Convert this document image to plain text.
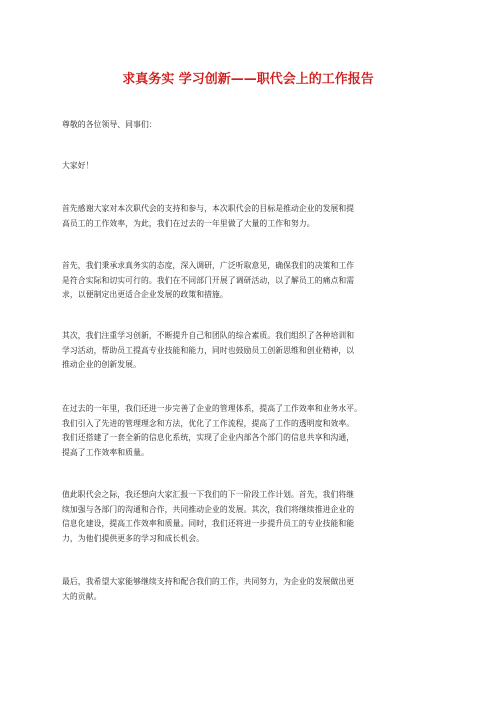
求真务实 学习创新——职代会上的工作报告

尊敬的各位领导、同事们：

大家好！

首先感谢大家对本次职代会的支持和参与，本次职代会的目标是推动企业的发展和提
高员工的工作效率，为此，我们在过去的一年里做了大量的工作和努力。

首先，我们秉承求真务实的态度，深入调研，广泛听取意见，确保我们的决策和工作
是符合实际和切实可行的。我们在不同部门开展了调研活动，以了解员工的痛点和需
求，以便制定出更适合企业发展的政策和措施。

其次，我们注重学习创新，不断提升自己和团队的综合素质。我们组织了各种培训和
学习活动，帮助员工提高专业技能和能力，同时也鼓励员工创新思维和创业精神，以
推动企业的创新发展。

在过去的一年里，我们还进一步完善了企业的管理体系，提高了工作效率和业务水平。
我们引入了先进的管理理念和方法，优化了工作流程，提高了工作的透明度和效率。
我们还搭建了一套全新的信息化系统，实现了企业内部各个部门的信息共享和沟通，
提高了工作效率和质量。

值此职代会之际，我还想向大家汇报一下我们的下一阶段工作计划。首先，我们将继
续加强与各部门的沟通和合作，共同推动企业的发展。其次，我们将继续推进企业的
信息化建设，提高工作效率和质量。同时，我们还将进一步提升员工的专业技能和能
力，为他们提供更多的学习和成长机会。

最后，我希望大家能够继续支持和配合我们的工作，共同努力，为企业的发展做出更
大的贡献。
